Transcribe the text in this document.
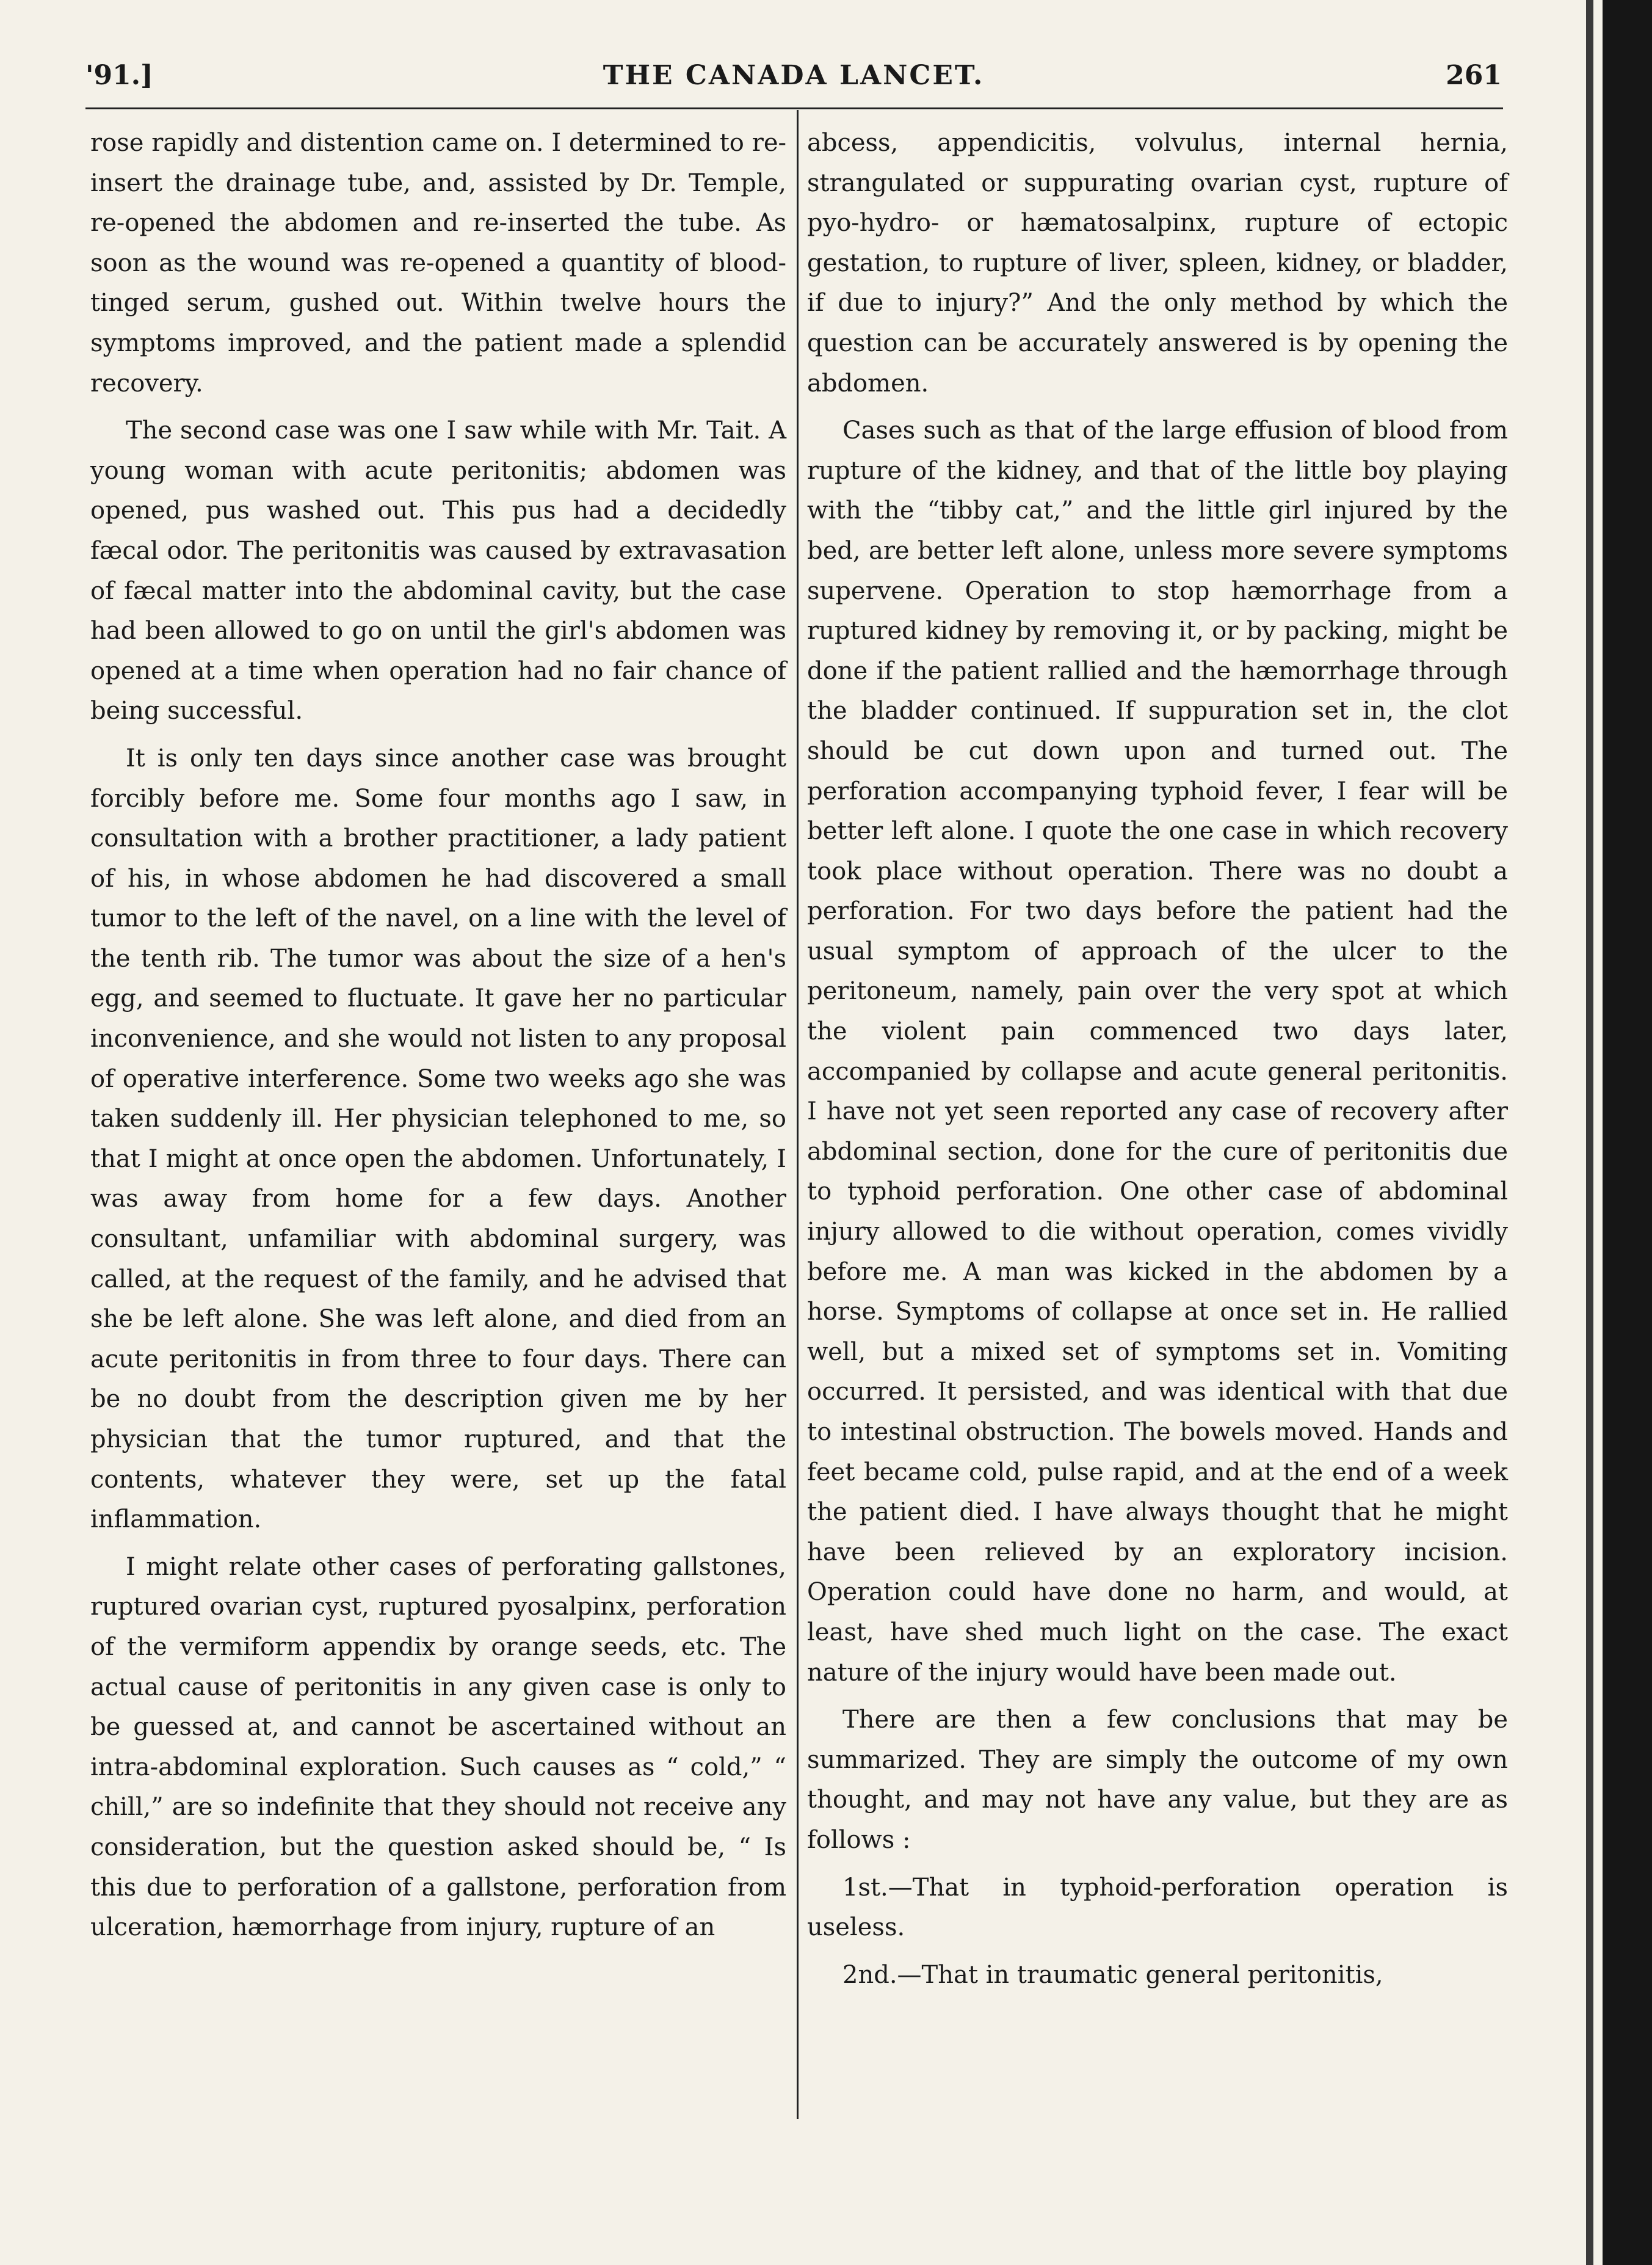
'91.]	THE CANADA LANCET.	261

rose rapidly and distention came on. I determined to re-insert the drainage tube, and, assisted by Dr. Temple, re-opened the abdomen and re-inserted the tube. As soon as the wound was re-opened a quantity of blood-tinged serum, gushed out. Within twelve hours the symptoms improved, and the patient made a splendid recovery.

The second case was one I saw while with Mr. Tait. A young woman with acute peritonitis; abdomen was opened, pus washed out. This pus had a decidedly fæcal odor. The peritonitis was caused by extravasation of fæcal matter into the abdominal cavity, but the case had been allowed to go on until the girl's abdomen was opened at a time when operation had no fair chance of being successful.

It is only ten days since another case was brought forcibly before me. Some four months ago I saw, in consultation with a brother practitioner, a lady patient of his, in whose abdomen he had discovered a small tumor to the left of the navel, on a line with the level of the tenth rib. The tumor was about the size of a hen's egg, and seemed to fluctuate. It gave her no particular inconvenience, and she would not listen to any proposal of operative interference. Some two weeks ago she was taken suddenly ill. Her physician telephoned to me, so that I might at once open the abdomen. Unfortunately, I was away from home for a few days. Another consultant, unfamiliar with abdominal surgery, was called, at the request of the family, and he advised that she be left alone. She was left alone, and died from an acute peritonitis in from three to four days. There can be no doubt from the description given me by her physician that the tumor ruptured, and that the contents, whatever they were, set up the fatal inflammation.

I might relate other cases of perforating gallstones, ruptured ovarian cyst, ruptured pyosalpinx, perforation of the vermiform appendix by orange seeds, etc. The actual cause of peritonitis in any given case is only to be guessed at, and cannot be ascertained without an intra-abdominal exploration. Such causes as “ cold,” “ chill,” are so indefinite that they should not receive any consideration, but the question asked should be, “ Is this due to perforation of a gallstone, perforation from ulceration, hæmorrhage from injury, rupture of an

abcess, appendicitis, volvulus, internal hernia, strangulated or suppurating ovarian cyst, rupture of pyo-hydro- or hæmatosalpinx, rupture of ectopic gestation, to rupture of liver, spleen, kidney, or bladder, if due to injury?” And the only method by which the question can be accurately answered is by opening the abdomen.

Cases such as that of the large effusion of blood from rupture of the kidney, and that of the little boy playing with the “tibby cat,” and the little girl injured by the bed, are better left alone, unless more severe symptoms supervene. Operation to stop hæmorrhage from a ruptured kidney by removing it, or by packing, might be done if the patient rallied and the hæmorrhage through the bladder continued. If suppuration set in, the clot should be cut down upon and turned out. The perforation accompanying typhoid fever, I fear will be better left alone. I quote the one case in which recovery took place without operation. There was no doubt a perforation. For two days before the patient had the usual symptom of approach of the ulcer to the peritoneum, namely, pain over the very spot at which the violent pain commenced two days later, accompanied by collapse and acute general peritonitis. I have not yet seen reported any case of recovery after abdominal section, done for the cure of peritonitis due to typhoid perforation. One other case of abdominal injury allowed to die without operation, comes vividly before me. A man was kicked in the abdomen by a horse. Symptoms of collapse at once set in. He rallied well, but a mixed set of symptoms set in. Vomiting occurred. It persisted, and was identical with that due to intestinal obstruction. The bowels moved. Hands and feet became cold, pulse rapid, and at the end of a week the patient died. I have always thought that he might have been relieved by an exploratory incision. Operation could have done no harm, and would, at least, have shed much light on the case. The exact nature of the injury would have been made out.

There are then a few conclusions that may be summarized. They are simply the outcome of my own thought, and may not have any value, but they are as follows :

1st.—That in typhoid-perforation operation is useless.

2nd.—That in traumatic general peritonitis,
